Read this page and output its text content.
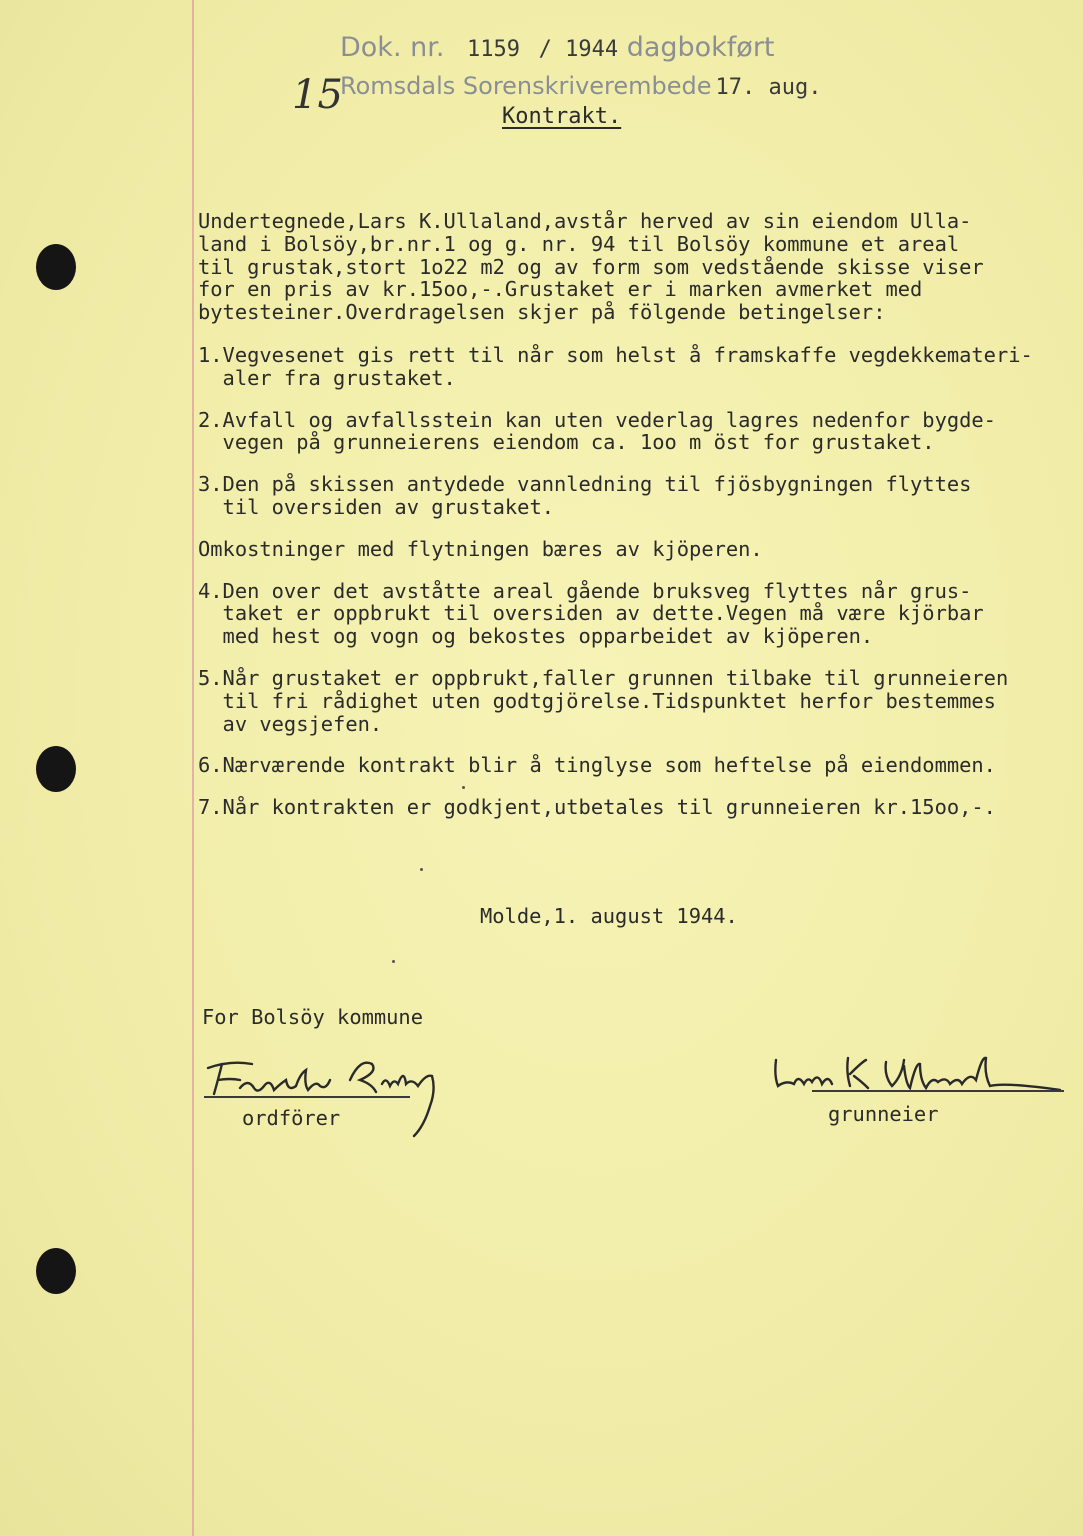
Dok. nr. 1159 / 1944 dagbokført
Romsdals Sorenskriverembede 17. aug.
15	Kontrakt.
Undertegnede,Lars K.Ullaland,avstår herved av sin eiendom Ulla-
land i Bolsöy,br.nr.1 og g. nr. 94 til Bolsöy kommune et areal
til grustak,stort 1o22 m2 og av form som vedstående skisse viser
for en pris av kr.15oo,-.Grustaket er i marken avmerket med
bytesteiner.Overdragelsen skjer på fölgende betingelser:
1.Vegvesenet gis rett til når som helst å framskaffe vegdekkemateri-
aler fra grustaket.
2.Avfall og avfallsstein kan uten vederlag lagres nedenfor bygde-
vegen på grunneierens eiendom ca. 1oo m öst for grustaket.
3.Den på skissen antydede vannledning til fjösbygningen flyttes
til oversiden av grustaket.
Omkostninger med flytningen bæres av kjöperen.
4.Den over det avståtte areal gående bruksveg flyttes når grus-
taket er oppbrukt til oversiden av dette.Vegen må være kjörbar
med hest og vogn og bekostes opparbeidet av kjöperen.
5.Når grustaket er oppbrukt,faller grunnen tilbake til grunneieren
til fri rådighet uten godtgjörelse.Tidspunktet herfor bestemmes
av vegsjefen.
6.Nærværende kontrakt blir å tinglyse som heftelse på eiendommen.
7.Når kontrakten er godkjent,utbetales til grunneieren kr.15oo,-.
Molde,1. august 1944.
For Bolsöy kommune
ordförer	grunneier
